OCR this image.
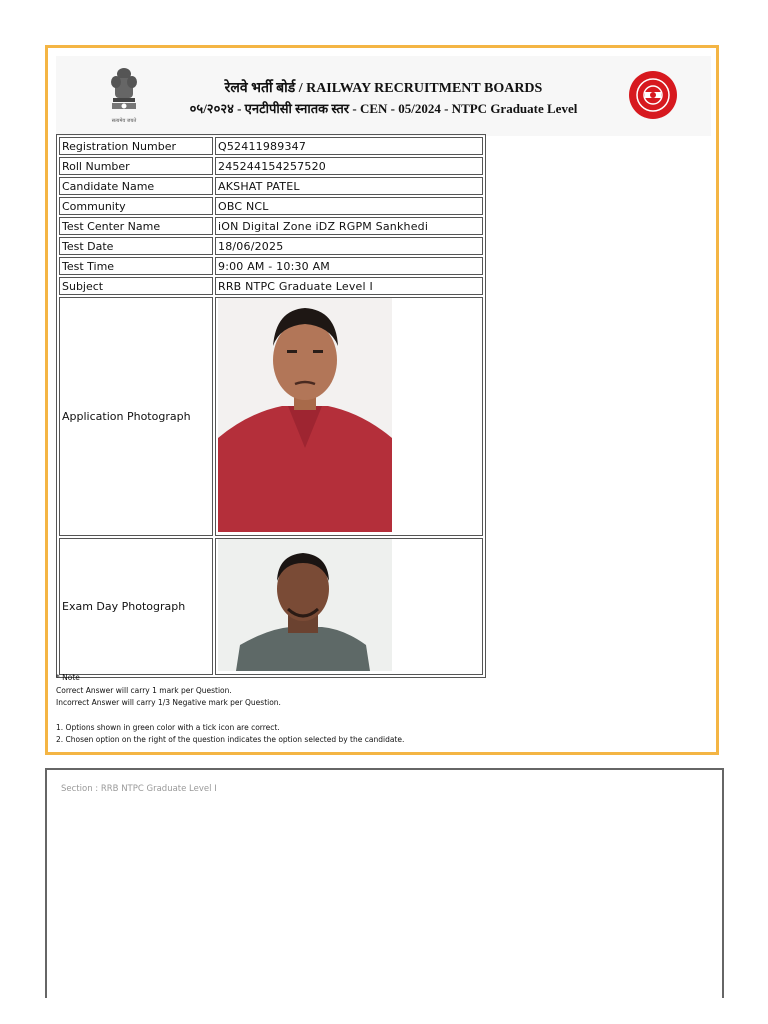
सत्यमेव जयते
रेलवे भर्ती बोर्ड / RAILWAY RECRUITMENT BOARDS
०५/२०२४ - एनटीपीसी स्नातक स्तर - CEN - 05/2024 - NTPC Graduate Level
Registration Number	Q52411989347
Roll Number	245244154257520
Candidate Name	AKSHAT PATEL
Community	OBC NCL
Test Center Name	iON Digital Zone iDZ RGPM Sankhedi
Test Date	18/06/2025
Test Time	9:00 AM - 10:30 AM
Subject	RRB NTPC Graduate Level I
Application Photograph	
Exam Day Photograph	
* Note
Correct Answer will carry 1 mark per Question.
Incorrect Answer will carry 1/3 Negative mark per Question.
1. Options shown in green color with a tick icon are correct.
2. Chosen option on the right of the question indicates the option selected by the candidate.
Section : RRB NTPC Graduate Level I
